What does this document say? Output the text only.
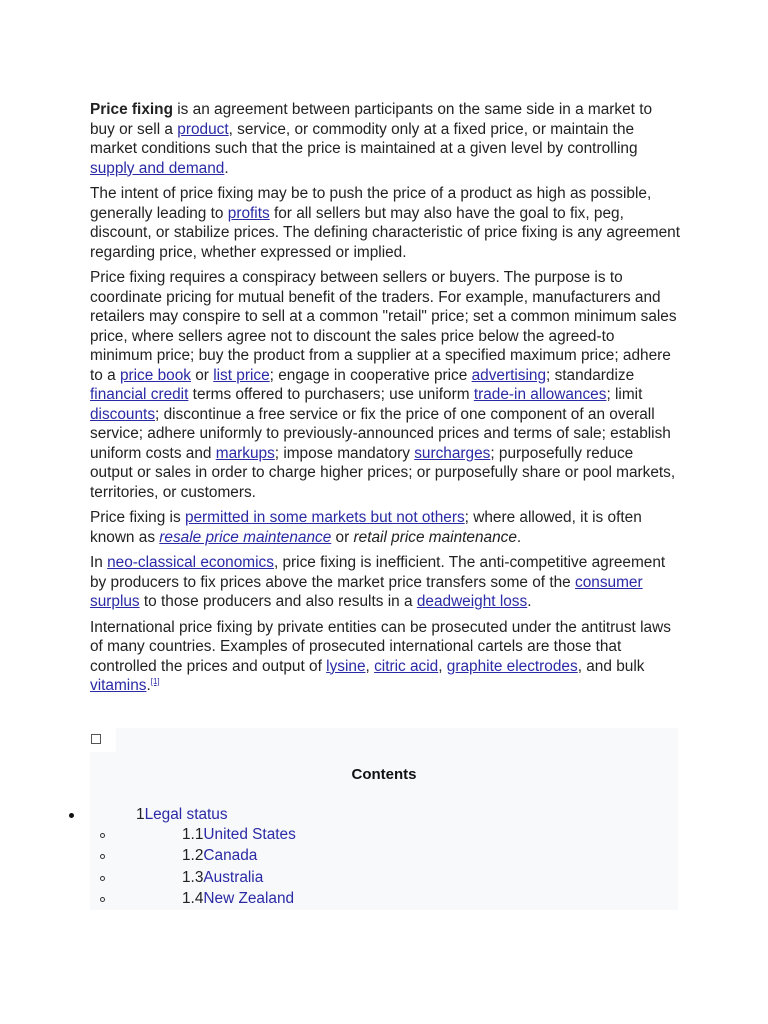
Price fixing is an agreement between participants on the same side in a market to buy or sell a product, service, or commodity only at a fixed price, or maintain the market conditions such that the price is maintained at a given level by controlling supply and demand.

The intent of price fixing may be to push the price of a product as high as possible, generally leading to profits for all sellers but may also have the goal to fix, peg, discount, or stabilize prices. The defining characteristic of price fixing is any agreement regarding price, whether expressed or implied.

Price fixing requires a conspiracy between sellers or buyers. The purpose is to coordinate pricing for mutual benefit of the traders. For example, manufacturers and retailers may conspire to sell at a common "retail" price; set a common minimum sales price, where sellers agree not to discount the sales price below the agreed-to minimum price; buy the product from a supplier at a specified maximum price; adhere to a price book or list price; engage in cooperative price advertising; standardize financial credit terms offered to purchasers; use uniform trade-in allowances; limit discounts; discontinue a free service or fix the price of one component of an overall service; adhere uniformly to previously-announced prices and terms of sale; establish uniform costs and markups; impose mandatory surcharges; purposefully reduce output or sales in order to charge higher prices; or purposefully share or pool markets, territories, or customers.

Price fixing is permitted in some markets but not others; where allowed, it is often known as resale price maintenance or retail price maintenance.

In neo-classical economics, price fixing is inefficient. The anti-competitive agreement by producers to fix prices above the market price transfers some of the consumer surplus to those producers and also results in a deadweight loss.

International price fixing by private entities can be prosecuted under the antitrust laws of many countries. Examples of prosecuted international cartels are those that controlled the prices and output of lysine, citric acid, graphite electrodes, and bulk vitamins.[1]

Contents
1Legal status
1.1United States
1.2Canada
1.3Australia
1.4New Zealand
